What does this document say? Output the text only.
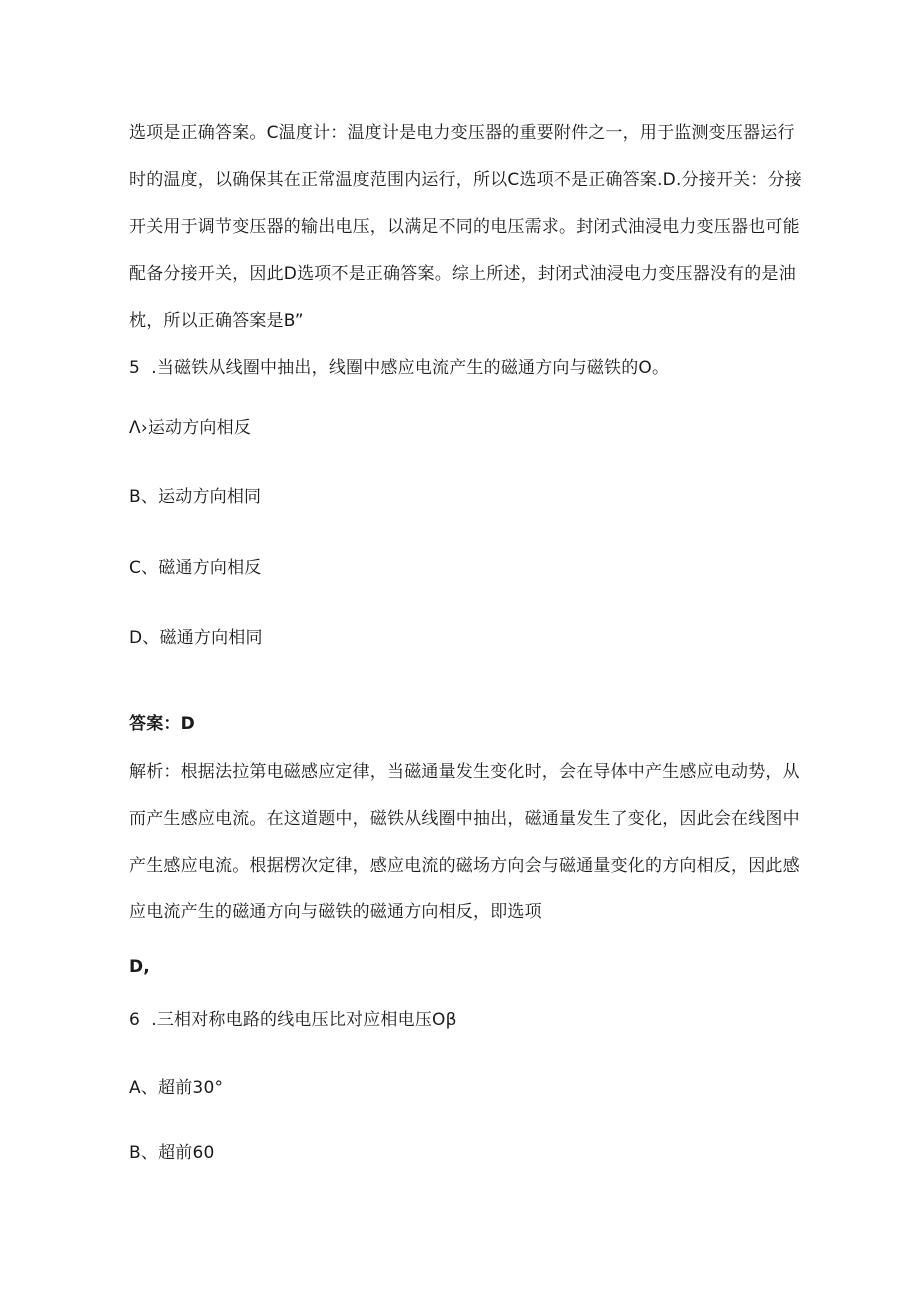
选项是正确答案。C温度计：温度计是电力变压器的重要附件之一，用于监测变压器运行
时的温度，以确保其在正常温度范围内运行，所以C选项不是正确答案.D.分接开关：分接
开关用于调节变压器的输出电压，以满足不同的电压需求。封闭式油浸电力变压器也可能
配备分接开关，因此D选项不是正确答案。综上所述，封闭式油浸电力变压器没有的是油
枕，所以正确答案是B”
5  .当磁铁从线圈中抽出，线圈中感应电流产生的磁通方向与磁铁的O。
Λ›运动方向相反
B、运动方向相同
C、磁通方向相反
D、磁通方向相同
答案：D
解析：根据法拉第电磁感应定律，当磁通量发生变化时，会在导体中产生感应电动势，从
而产生感应电流。在这道题中，磁铁从线圈中抽出，磁通量发生了变化，因此会在线图中
产生感应电流。根据楞次定律，感应电流的磁场方向会与磁通量变化的方向相反，因此感
应电流产生的磁通方向与磁铁的磁通方向相反，即选项
D,
6  .三相对称电路的线电压比对应相电压Oβ
A、超前30°
B、超前60
